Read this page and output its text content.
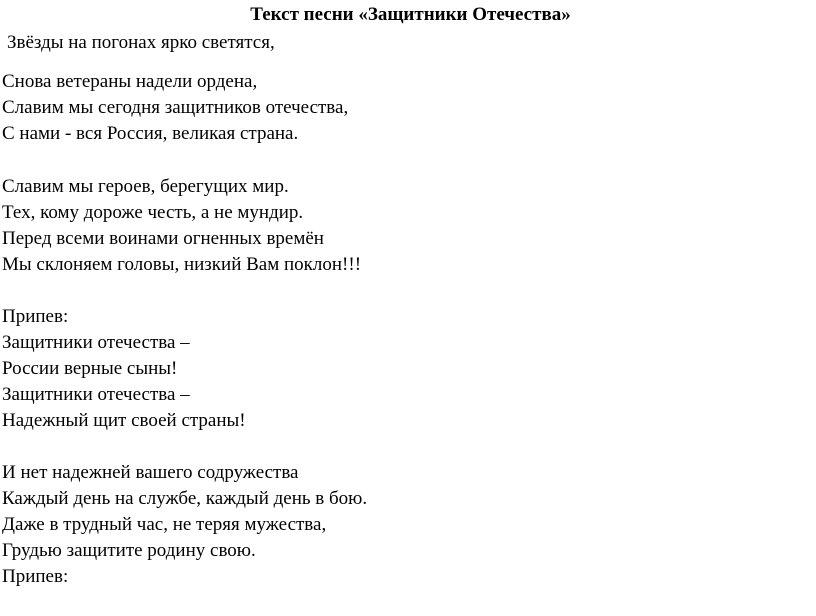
Текст песни «Защитники Отечества»
Звёзды на погонах ярко светятся,
Снова ветераны надели ордена,
Славим мы сегодня защитников отечества,
С нами - вся Россия, великая страна.
Славим мы героев, берегущих мир.
Тех, кому дороже честь, а не мундир.
Перед всеми воинами огненных времён
Мы склоняем головы, низкий Вам поклон!!!
Припев:
Защитники отечества –
России верные сыны!
Защитники отечества –
Надежный щит своей страны!
И нет надежней вашего содружества
Каждый день на службе, каждый день в бою.
Даже в трудный час, не теряя мужества,
Грудью защитите родину свою.
Припев:
